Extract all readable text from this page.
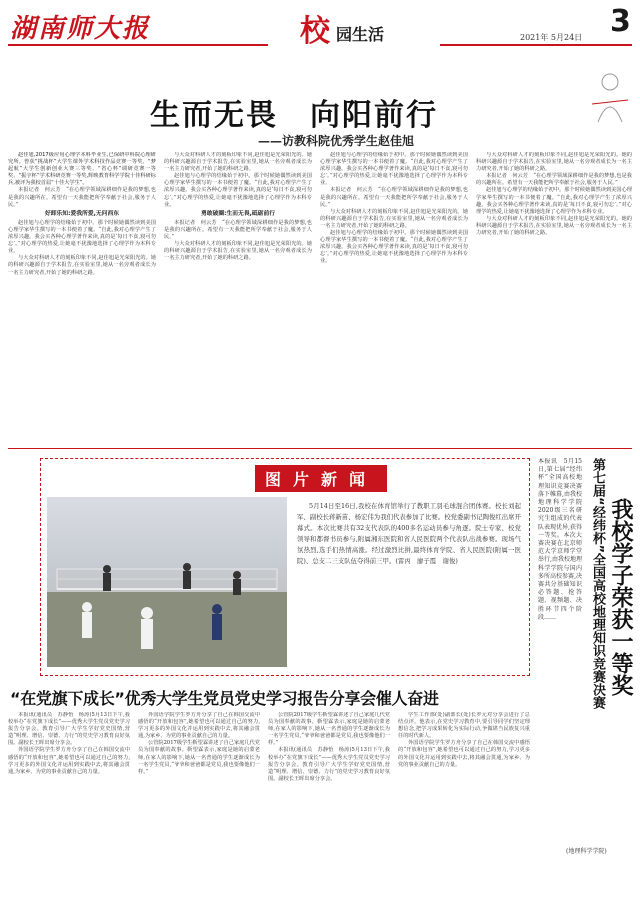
湖南师大报	校 园生活	2021年 5月24日 3
生而无畏　向阳前行
——访教科院优秀学生赵佳旭

赵佳旭,2017级应用心理学本科毕业生,已保研中科院心理研究所。曾获“挑战杯”大学生课外学术科技作品竞赛一等奖、“梦起航”大学生创新创业大赛三等奖、“省心杯”调研竞赛一等奖、“振宇杯”学术科研竞赛一等奖,辉映教育科学学院十佳科研标兵,被评为我校首届“十佳大学生”。

本报记者　何云芳　“在心理学领域深耕细作是我的梦想,也是我的兴趣所在。希望有一天我能把所学奉献于社会,服务于人民。”

好卸乐知:爱我所爱,无问西东

赵佳旭与心理学的结缘始于初中。那个时候她偶然读到美国心理学家华生撰写的一本书便着了魔。“自此,我对心理学产生了浓厚兴趣。我会买各种心理学著作来读,真的是‘每日不食,寝可勿忘’。”对心理学的热爱,让她毫不犹豫地选择了心理学作为本科专业。

与大众对科研人才的刻板印象不同,赵佳旭是光荣阳光的。她的科研兴趣源自于学术报告,在实验室里,她从一名旁观者成长为一名主力研究者,开始了她的科研之路。

与大众对科研人才的刻板印象不同,赵佳旭是光荣阳光的。她的科研兴趣源自于学术报告,在实验室里,她从一名旁观者成长为一名主力研究者,开始了她的科研之路。

赵佳旭与心理学的结缘始于初中。那个时候她偶然读到美国心理学家华生撰写的一本书便着了魔。“自此,我对心理学产生了浓厚兴趣。我会买各种心理学著作来读,真的是‘每日不食,寝可勿忘’。”对心理学的热爱,让她毫不犹豫地选择了心理学作为本科专业。

勇敢破圈:生而无畏,砥砺前行

本报记者　何云芳　“在心理学领域深耕细作是我的梦想,也是我的兴趣所在。希望有一天我能把所学奉献于社会,服务于人民。”

与大众对科研人才的刻板印象不同,赵佳旭是光荣阳光的。她的科研兴趣源自于学术报告,在实验室里,她从一名旁观者成长为一名主力研究者,开始了她的科研之路。

赵佳旭与心理学的结缘始于初中。那个时候她偶然读到美国心理学家华生撰写的一本书便着了魔。“自此,我对心理学产生了浓厚兴趣。我会买各种心理学著作来读,真的是‘每日不食,寝可勿忘’。”对心理学的热爱,让她毫不犹豫地选择了心理学作为本科专业。

本报记者　何云芳　“在心理学领域深耕细作是我的梦想,也是我的兴趣所在。希望有一天我能把所学奉献于社会,服务于人民。”

与大众对科研人才的刻板印象不同,赵佳旭是光荣阳光的。她的科研兴趣源自于学术报告,在实验室里,她从一名旁观者成长为一名主力研究者,开始了她的科研之路。

赵佳旭与心理学的结缘始于初中。那个时候她偶然读到美国心理学家华生撰写的一本书便着了魔。“自此,我对心理学产生了浓厚兴趣。我会买各种心理学著作来读,真的是‘每日不食,寝可勿忘’。”对心理学的热爱,让她毫不犹豫地选择了心理学作为本科专业。

与大众对科研人才的刻板印象不同,赵佳旭是光荣阳光的。她的科研兴趣源自于学术报告,在实验室里,她从一名旁观者成长为一名主力研究者,开始了她的科研之路。

本报记者　何云芳　“在心理学领域深耕细作是我的梦想,也是我的兴趣所在。希望有一天我能把所学奉献于社会,服务于人民。”

赵佳旭与心理学的结缘始于初中。那个时候她偶然读到美国心理学家华生撰写的一本书便着了魔。“自此,我对心理学产生了浓厚兴趣。我会买各种心理学著作来读,真的是‘每日不食,寝可勿忘’。”对心理学的热爱,让她毫不犹豫地选择了心理学作为本科专业。

与大众对科研人才的刻板印象不同,赵佳旭是光荣阳光的。她的科研兴趣源自于学术报告,在实验室里,她从一名旁观者成长为一名主力研究者,开始了她的科研之路。

图片新闻
5月14日至16日,我校在体育馆举行了教职工羽毛球混合团体赛。校长刘起军、副校长蒋新苗、杨宏伟为我们代表参加了比赛。校党委副书记陶俊红出席开幕式。本次比赛共有32支代表队的400多名运动员参与角逐。院士专家、校党领导和都督书员参与,附属湘东医院和省人民医院两个代表队出战参赛。现场气氛热烈,选手们热情高涨。经过激烈比拼,最终体育学院、省人民医院(附属一医院)、总支二三支队伍夺得前三甲。(雷丙　廖子霞　谢俊)
本报讯　5月15日,第七届“经纬杯”全国高校地理知识竞赛决赛落下帷幕,由我校地理科学学院2020级三名研究生组成的代表队表现优异,获得一等奖。本次大赛决赛在北京师范大学京师学堂举行,由我校地理科学学院与国内多所高校参赛,决赛共分基础知识必答题、抢答题、视频题、决胜环节四个阶段……	第七届“经纬杯”全国高校地理知识竞赛决赛 我校学子荣获一等奖
(地理科学学院)
“在党旗下成长”优秀大学生党员党史学习报告分享会催人奋进

本报讯(通讯员　苏静怡　杨涛)5月13日下午,我校举办“在党旗下成长”——优秀大学生党员党史学习报告分享会。教育引导广大学生学好党史国情,营造“明理、增信、崇德、力行”的党史学习教育良好氛围。副校长王晖出席分享会。

外国语学院学生罗方舟分享了自己在韩国交流中感悟的“开放和包容”,她希望也可以通过自己的努力,学习更多的外国文化并运用到实践中去,将其融会贯通,为家乡、为党的事业贡献自己的力量。

外国语学院学生罗方舟分享了自己在韩国交流中感悟的“开放和包容”,她希望也可以通过自己的努力,学习更多的外国文化并运用到实践中去,将其融会贯通,为家乡、为党的事业贡献自己的力量。

公管院2017级学生靳望霖讲述了自己家庭几代党员为国奉献的故事。靳望霖表示,家庭是她的启蒙老师,在家人的影响下,她从一名普通的学生逐渐成长为一名学生党员,“爷爷和爸爸都是党员,我也要像他们一样。”

公管院2017级学生靳望霖讲述了自己家庭几代党员为国奉献的故事。靳望霖表示,家庭是她的启蒙老师,在家人的影响下,她从一名普通的学生逐渐成长为一名学生党员,“爷爷和爸爸都是党员,我也要像他们一样。”

本报讯(通讯员　苏静怡　杨涛)5月13日下午,我校举办“在党旗下成长”——优秀大学生党员党史学习报告分享会。教育引导广大学生学好党史国情,营造“明理、增信、崇德、力行”的党史学习教育良好氛围。副校长王晖出席分享会。

学生工作部(处)副部长(处)长罗元对分享会进行了总结点评。他表示,在党史学习教育中,要引导同学们坚定理想信念,把学习成果转化为实际行动,争做堪当民族复兴重任的时代新人。

外国语学院学生罗方舟分享了自己在韩国交流中感悟的“开放和包容”,她希望也可以通过自己的努力,学习更多的外国文化并运用到实践中去,将其融会贯通,为家乡、为党的事业贡献自己的力量。
